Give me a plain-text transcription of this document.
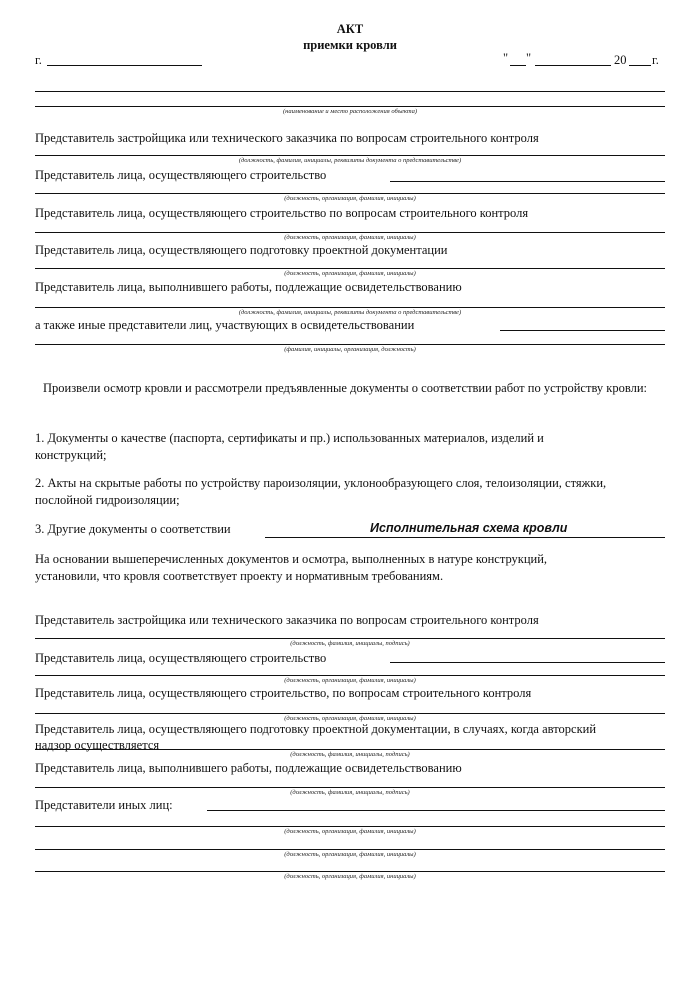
АКТ
приемки кровли
г.	" "	20 г.
(наименование и место расположения объекта)
Представитель застройщика или технического заказчика по вопросам строительного контроля
(должность, фамилия, инициалы, реквизиты документа о представительстве)
Представитель лица, осуществляющего строительство
(должность, организация, фамилия, инициалы)
Представитель лица, осуществляющего строительство по вопросам строительного контроля
(должность, организация, фамилия, инициалы)
Представитель лица, осуществляющего подготовку проектной документации
(должность, организация, фамилия, инициалы)
Представитель лица, выполнившего работы, подлежащие освидетельствованию
(должность, фамилия, инициалы, реквизиты документа о представительстве)
а также иные представители лиц, участвующих в освидетельствовании
(фамилия, инициалы, организация, должность)
Произвели осмотр кровли и рассмотрели предъявленные документы о соответствии работ по устройству кровли:
1. Документы о качестве (паспорта, сертификаты и пр.) использованных материалов, изделий и конструкций;
2. Акты на скрытые работы по устройству пароизоляции, уклонообразующего слоя, телоизоляции, стяжки, послойной гидроизоляции;
3. Другие документы о соответствии	Исполнительная схема кровли
На основании вышеперечисленных документов и осмотра, выполненных в натуре конструкций, установили, что кровля соответствует проекту и нормативным требованиям.
Представитель застройщика или технического заказчика по вопросам строительного контроля
(должность, фамилия, инициалы, подпись)
Представитель лица, осуществляющего строительство
(должность, организация, фамилия, инициалы)
Представитель лица, осуществляющего строительство, по вопросам строительного контроля
(должность, организация, фамилия, инициалы)
Представитель лица, осуществляющего подготовку проектной документации, в случаях, когда авторский надзор осуществляется
(должность, фамилия, инициалы, подпись)
Представитель лица, выполнившего работы, подлежащие освидетельствованию
(должность, фамилия, инициалы, подпись)
Представители иных лиц:
(должность, организация, фамилия, инициалы)
(должность, организация, фамилия, инициалы)
(должность, организация, фамилия, инициалы)
